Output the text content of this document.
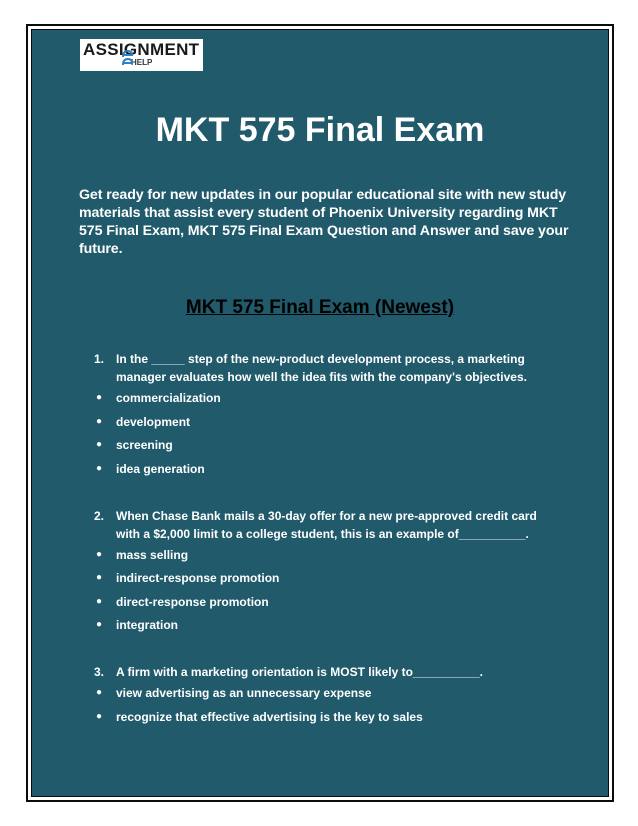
ASSIGNMENT
HELP
MKT 575 Final Exam

Get ready for new updates in our popular educational site with new study materials that assist every student of Phoenix University regarding MKT 575 Final Exam, MKT 575 Final Exam Question and Answer and save your future.

MKT 575 Final Exam (Newest)
1. In the _____ step of the new-product development process, a marketing manager evaluates how well the idea fits with the company's objectives.
●	commercialization
●	development
●	screening
●	idea generation
2. When Chase Bank mails a 30-day offer for a new pre-approved credit card with a $2,000 limit to a college student, this is an example of__________.
●	mass selling
●	indirect-response promotion
●	direct-response promotion
●	integration
3. A firm with a marketing orientation is MOST likely to__________.
●	view advertising as an unnecessary expense
●	recognize that effective advertising is the key to sales
